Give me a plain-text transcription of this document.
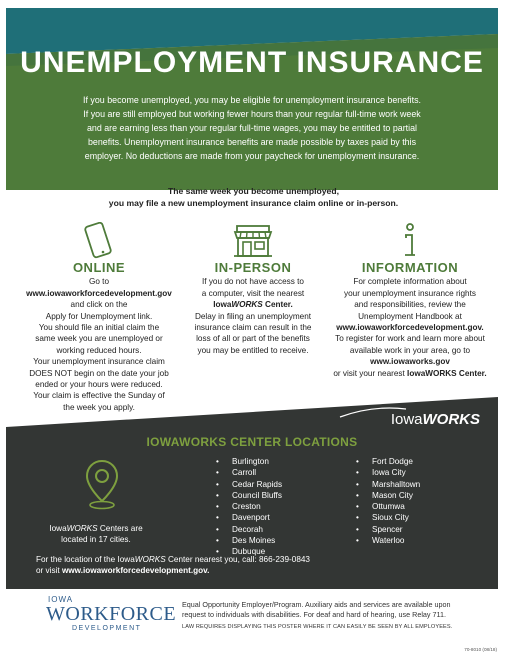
UNEMPLOYMENT INSURANCE
If you become unemployed, you may be eligible for unemployment insurance benefits.
If you are still employed but working fewer hours than your regular full-time work week
and are earning less than your regular full-time wages, you may be entitled to partial
benefits. Unemployment insurance benefits are made possible by taxes paid by this
employer. No deductions are made from your paycheck for unemployment insurance.
The same week you become unemployed,
you may file a new unemployment insurance claim online or in-person.
ONLINE
Go to
www.iowaworkforcedevelopment.gov
and click on the
Apply for Unemployment link.
You should file an initial claim the
same week you are unemployed or
working reduced hours.
Your unemployment insurance claim
DOES NOT begin on the date your job
ended or your hours were reduced.
Your claim is effective the Sunday of
the week you apply.
IN-PERSON
If you do not have access to
a computer, visit the nearest
IowaWORKS Center.
Delay in filing an unemployment
insurance claim can result in the
loss of all or part of the benefits
you may be entitled to receive.
INFORMATION
For complete information about
your unemployment insurance rights
and responsibilities, review the
Unemployment Handbook at
www.iowaworkforcedevelopment.gov.
To register for work and learn more about
available work in your area, go to
www.iowaworks.gov
or visit your nearest IowaWORKS Center.
IowaWORKS
IOWAWORKS CENTER LOCATIONS
IowaWORKS Centers are
located in 17 cities.
• Burlington
• Carroll
• Cedar Rapids
• Council Bluffs
• Creston
• Davenport
• Decorah
• Des Moines
• Dubuque
• Fort Dodge
• Iowa City
• Marshalltown
• Mason City
• Ottumwa
• Sioux City
• Spencer
• Waterloo
For the location of the IowaWORKS Center nearest you, call: 866-239-0843
or visit www.iowaworkforcedevelopment.gov.
IOWA
WORKFORCE
DEVELOPMENT
Equal Opportunity Employer/Program. Auxiliary aids and services are available upon
request to individuals with disabilities. For deaf and hard of hearing, use Relay 711.
LAW REQUIRES DISPLAYING THIS POSTER WHERE IT CAN EASILY BE SEEN BY ALL EMPLOYEES.
70-8010 (08/18)
